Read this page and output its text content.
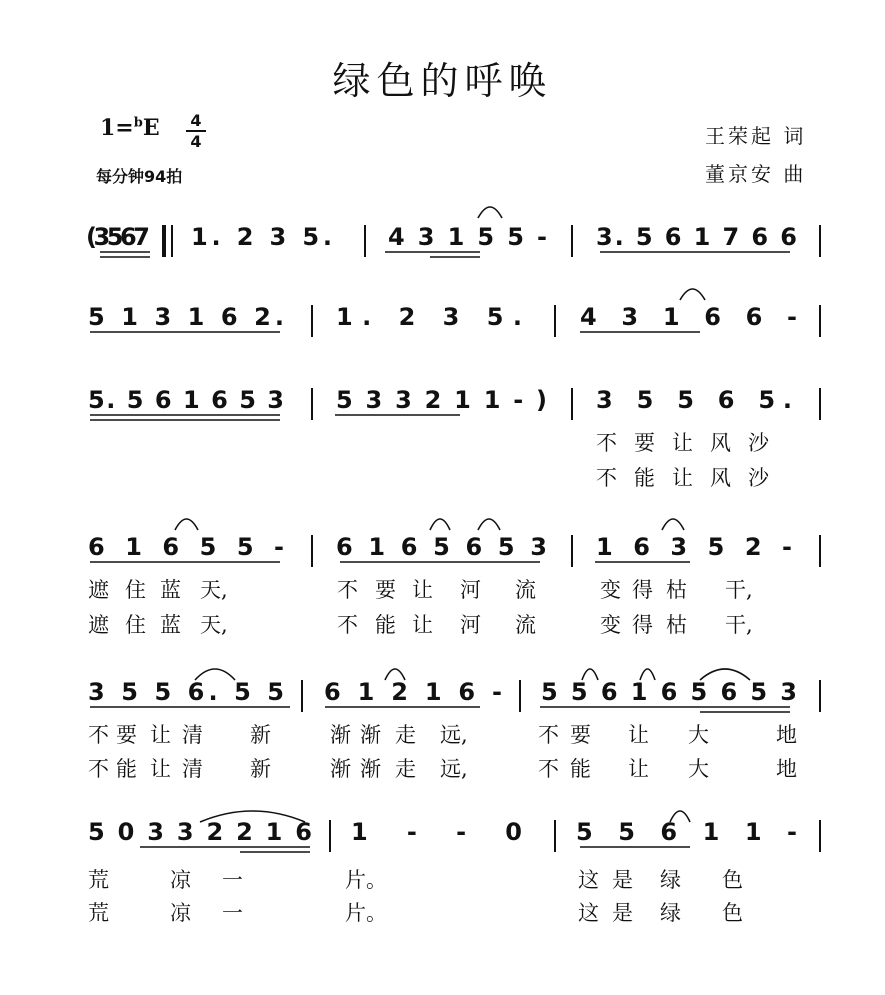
绿色的呼唤
1=$^b$E 4
4
每分钟94拍
王荣起 词
董京安 曲
(3567 1. 2 3 5. 4 3 1 5 5 - 3. 5 6 1 7 6 6
5 1 3 1 6 2. 1. 2 3 5. 4 3 1 6 6 -
5. 5 6 1 6 5 3 5 3 3 2 1 1 - ) 3 5 5 6 5.
6 1 6 5 5 - 6 1 6 5 6 5 3 1 6 3 5 2 -
3 5 5 6. 5 5 6 1 2 1 6 - 5 5 6 1 6 5 6 5 3
5 0 3 3 2 2 1 6 1 - - 0 5 5 6 1 1 -
不 要 让 风 沙
不 能 让 风 沙
遮 住 蓝 天,	不 要 让 河 流	变 得 枯 干,
遮 住 蓝 天,	不 能 让 河 流	变 得 枯 干,
不 要 让 清 新	渐 渐 走 远,	不 要 让 大	地
不 能 让 清 新	渐 渐 走 远,	不 能 让 大	地
荒	凉 一	片。	这 是 绿 色
荒	凉 一	片。	这 是 绿 色
